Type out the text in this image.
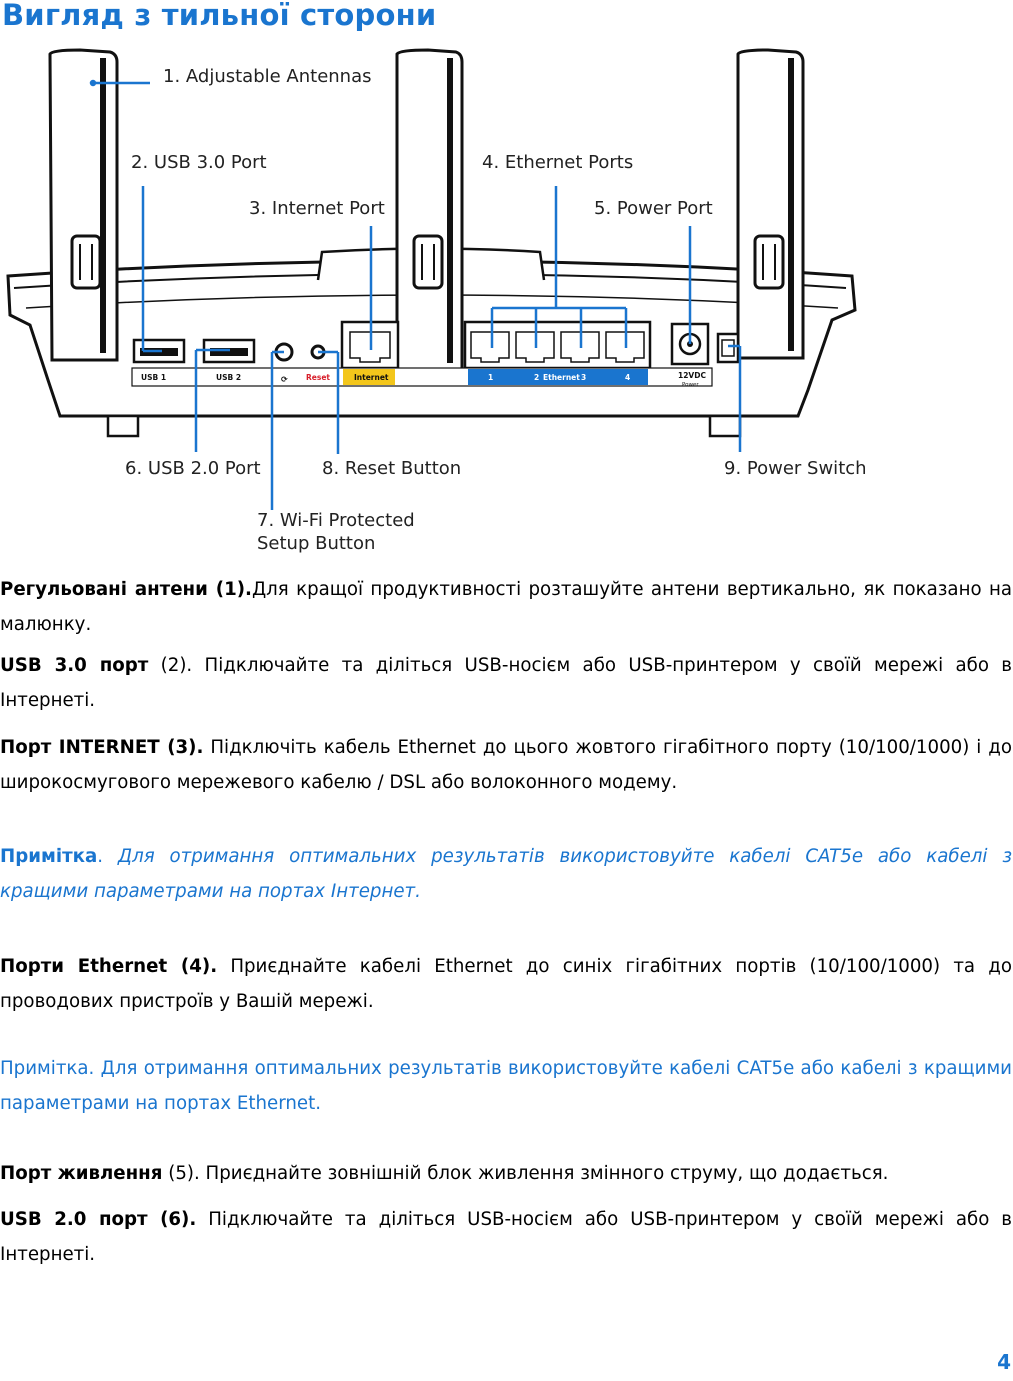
Вигляд з тильної сторони
USB 1	USB 2	⟳ Reset	Internet	1	2 Ethernet 3	4	12VDC
Power
1. Adjustable Antennas
2. USB 3.0 Port
3. Internet Port
4. Ethernet Ports
5. Power Port
6. USB 2.0 Port	8. Reset Button	9. Power Switch
7. Wi-Fi Protected
Setup Button

Регульовані антени (1).Для кращої продуктивності розташуйте антени вертикально, як показано на малюнку.

USB 3.0 порт (2). Підключайте та діліться USB-носієм або USB-принтером у своїй мережі або в Інтернеті.

Порт INTERNET (3). Підключіть кабель Ethernet до цього жовтого гігабітного порту (10/100/1000) і до широкосмугового мережевого кабелю / DSL або волоконного модему.

Примітка. Для отримання оптимальних результатів використовуйте кабелі CAT5e або кабелі з кращими параметрами на портах Інтернет.

Порти Ethernet (4). Приєднайте кабелі Ethernet до синіх гігабітних портів (10/100/1000) та до проводових пристроїв у Вашій мережі.

Примітка. Для отримання оптимальних результатів використовуйте кабелі CAT5e або кабелі з кращими параметрами на портах Ethernet.

Порт живлення (5). Приєднайте зовнішній блок живлення змінного струму, що додається.

USB 2.0 порт (6). Підключайте та діліться USB-носієм або USB-принтером у своїй мережі або в Інтернеті.

4
